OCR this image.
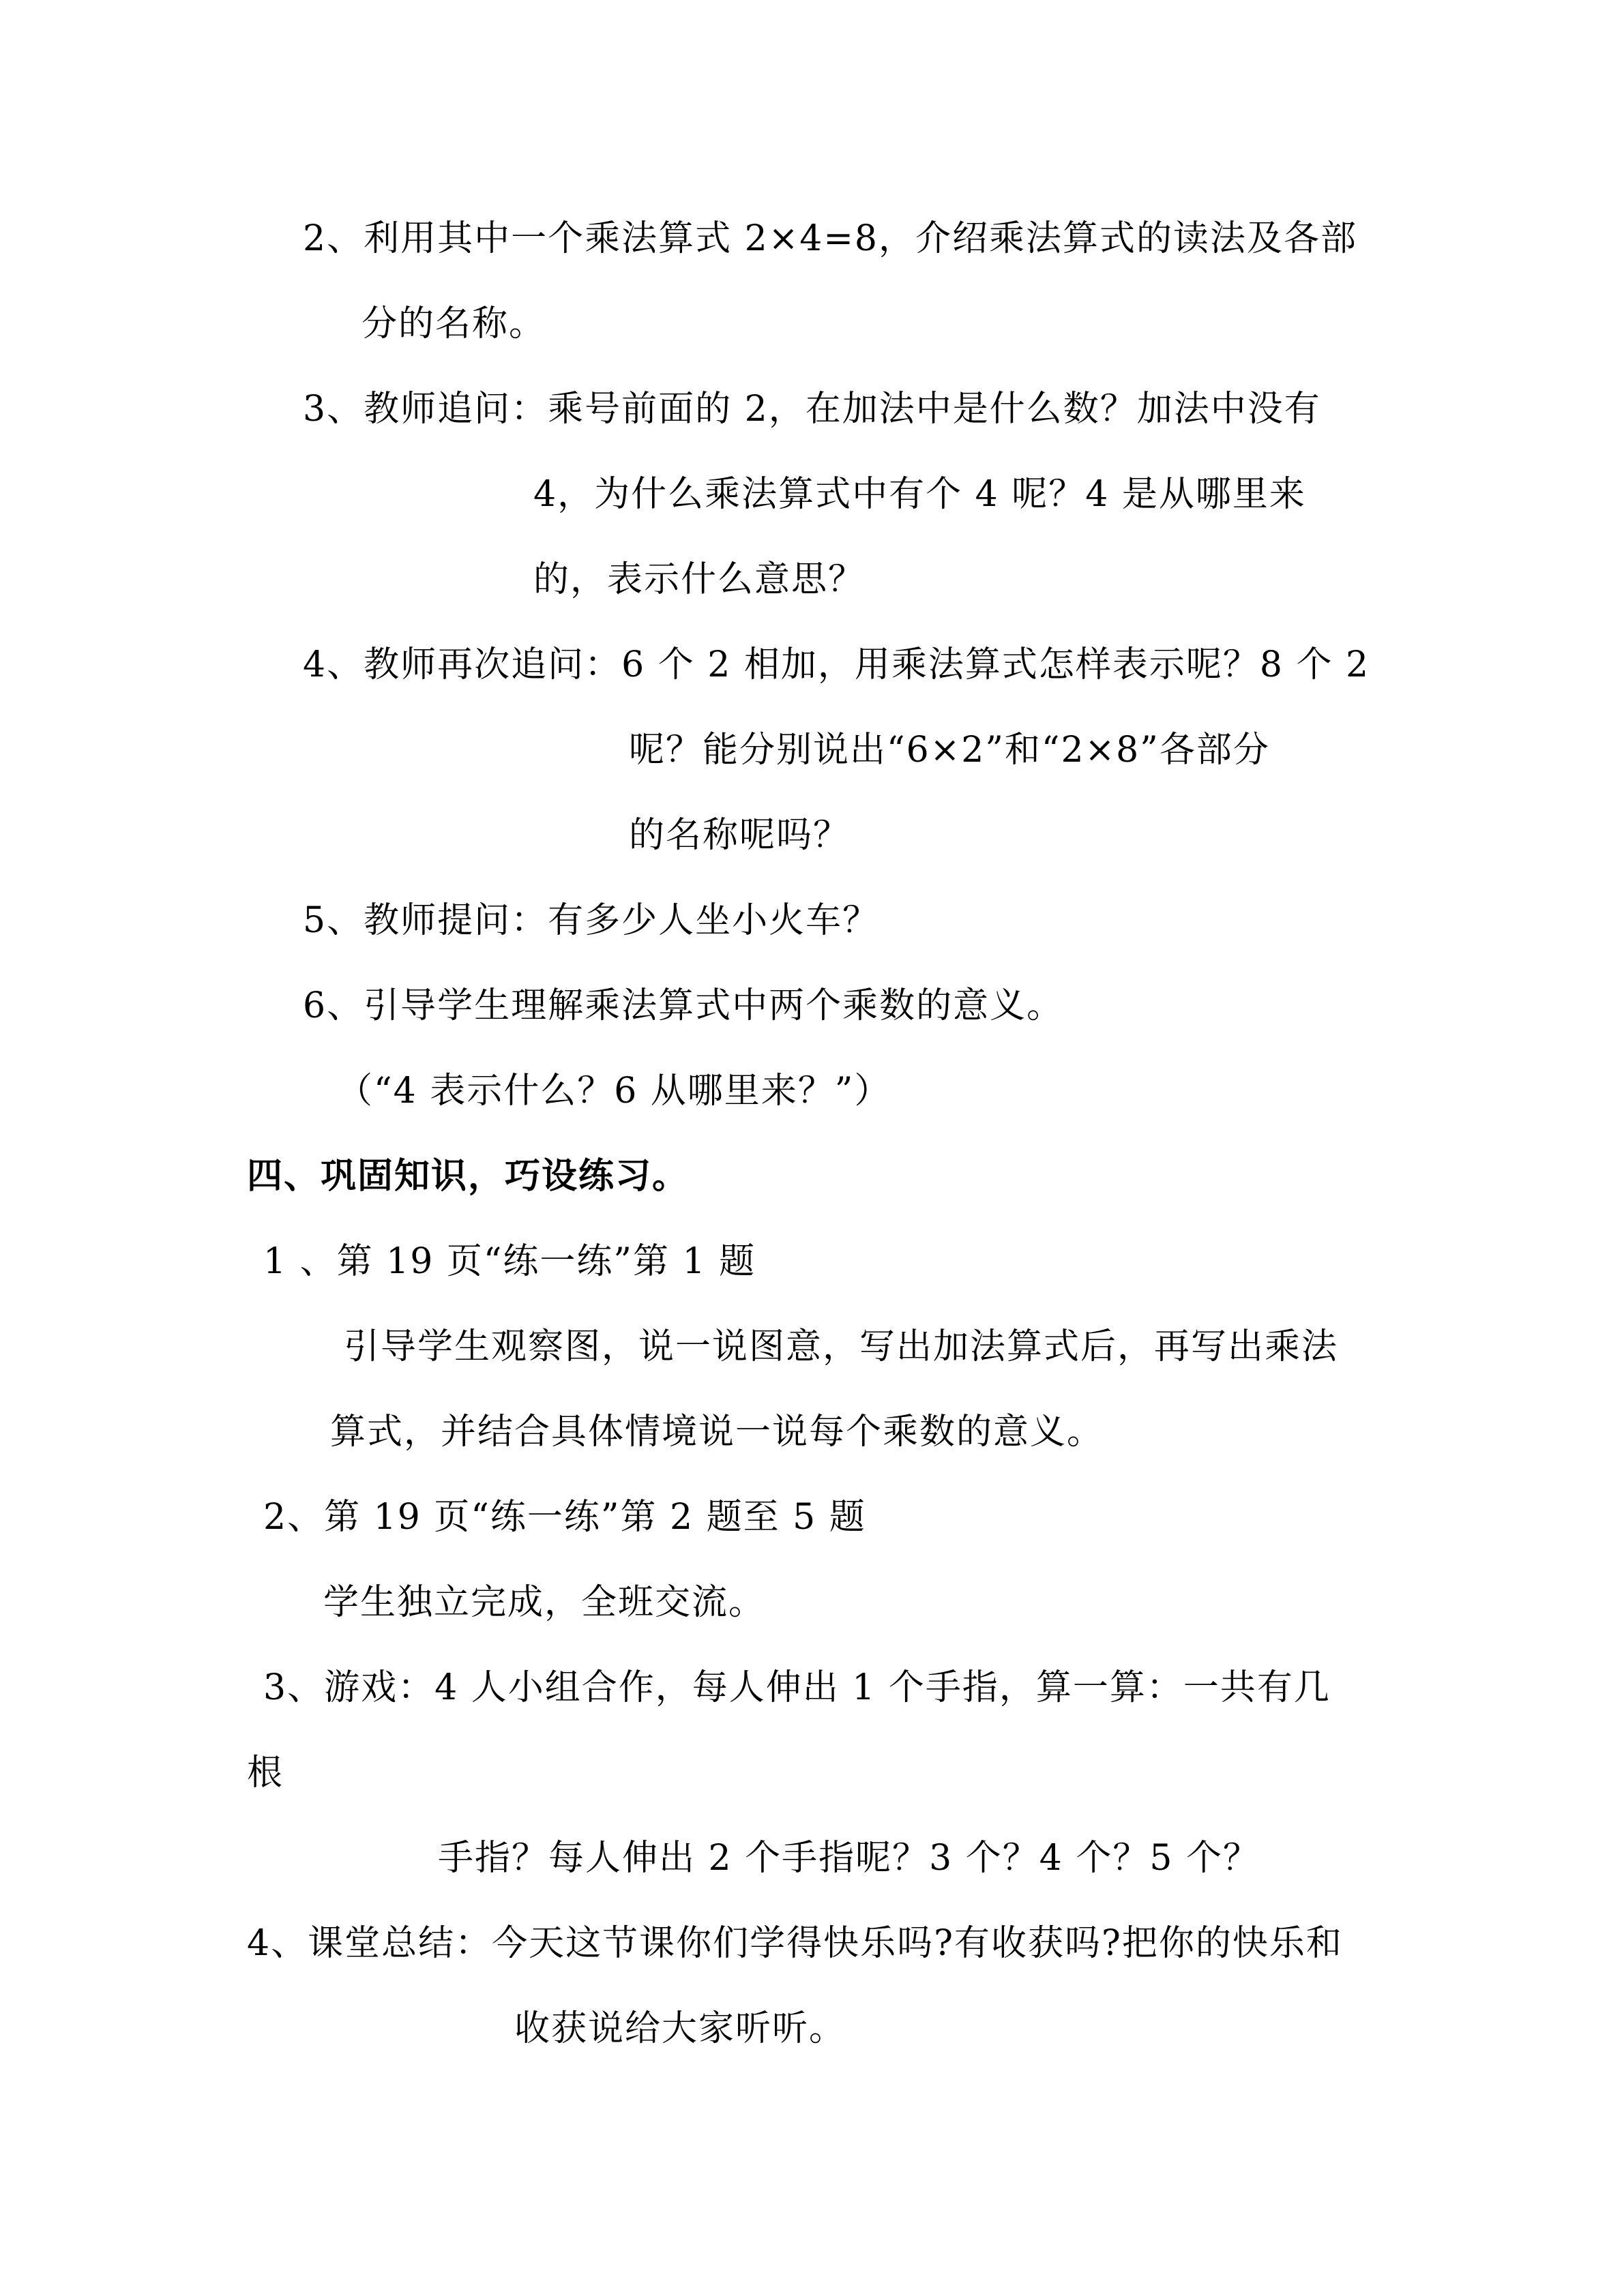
2、利用其中一个乘法算式 2×4=8，介绍乘法算式的读法及各部
分的名称。
3、教师追问：乘号前面的 2，在加法中是什么数？加法中没有
4，为什么乘法算式中有个 4 呢？4 是从哪里来
的，表示什么意思？
4、教师再次追问：6 个 2 相加，用乘法算式怎样表示呢？8 个 2
呢？能分别说出“6×2”和“2×8”各部分
的名称呢吗？
5、教师提问：有多少人坐小火车？
6、引导学生理解乘法算式中两个乘数的意义。
（“4 表示什么？6 从哪里来？”）
四、巩固知识，巧设练习。
1 、第 19 页“练一练”第 1 题
引导学生观察图，说一说图意，写出加法算式后，再写出乘法
算式，并结合具体情境说一说每个乘数的意义。
2、第 19 页“练一练”第 2 题至 5 题
学生独立完成，全班交流。
3、游戏：4 人小组合作，每人伸出 1 个手指，算一算：一共有几
根
手指？每人伸出 2 个手指呢？3 个？4 个？5 个？
4、课堂总结：今天这节课你们学得快乐吗?有收获吗?把你的快乐和
收获说给大家听听。
